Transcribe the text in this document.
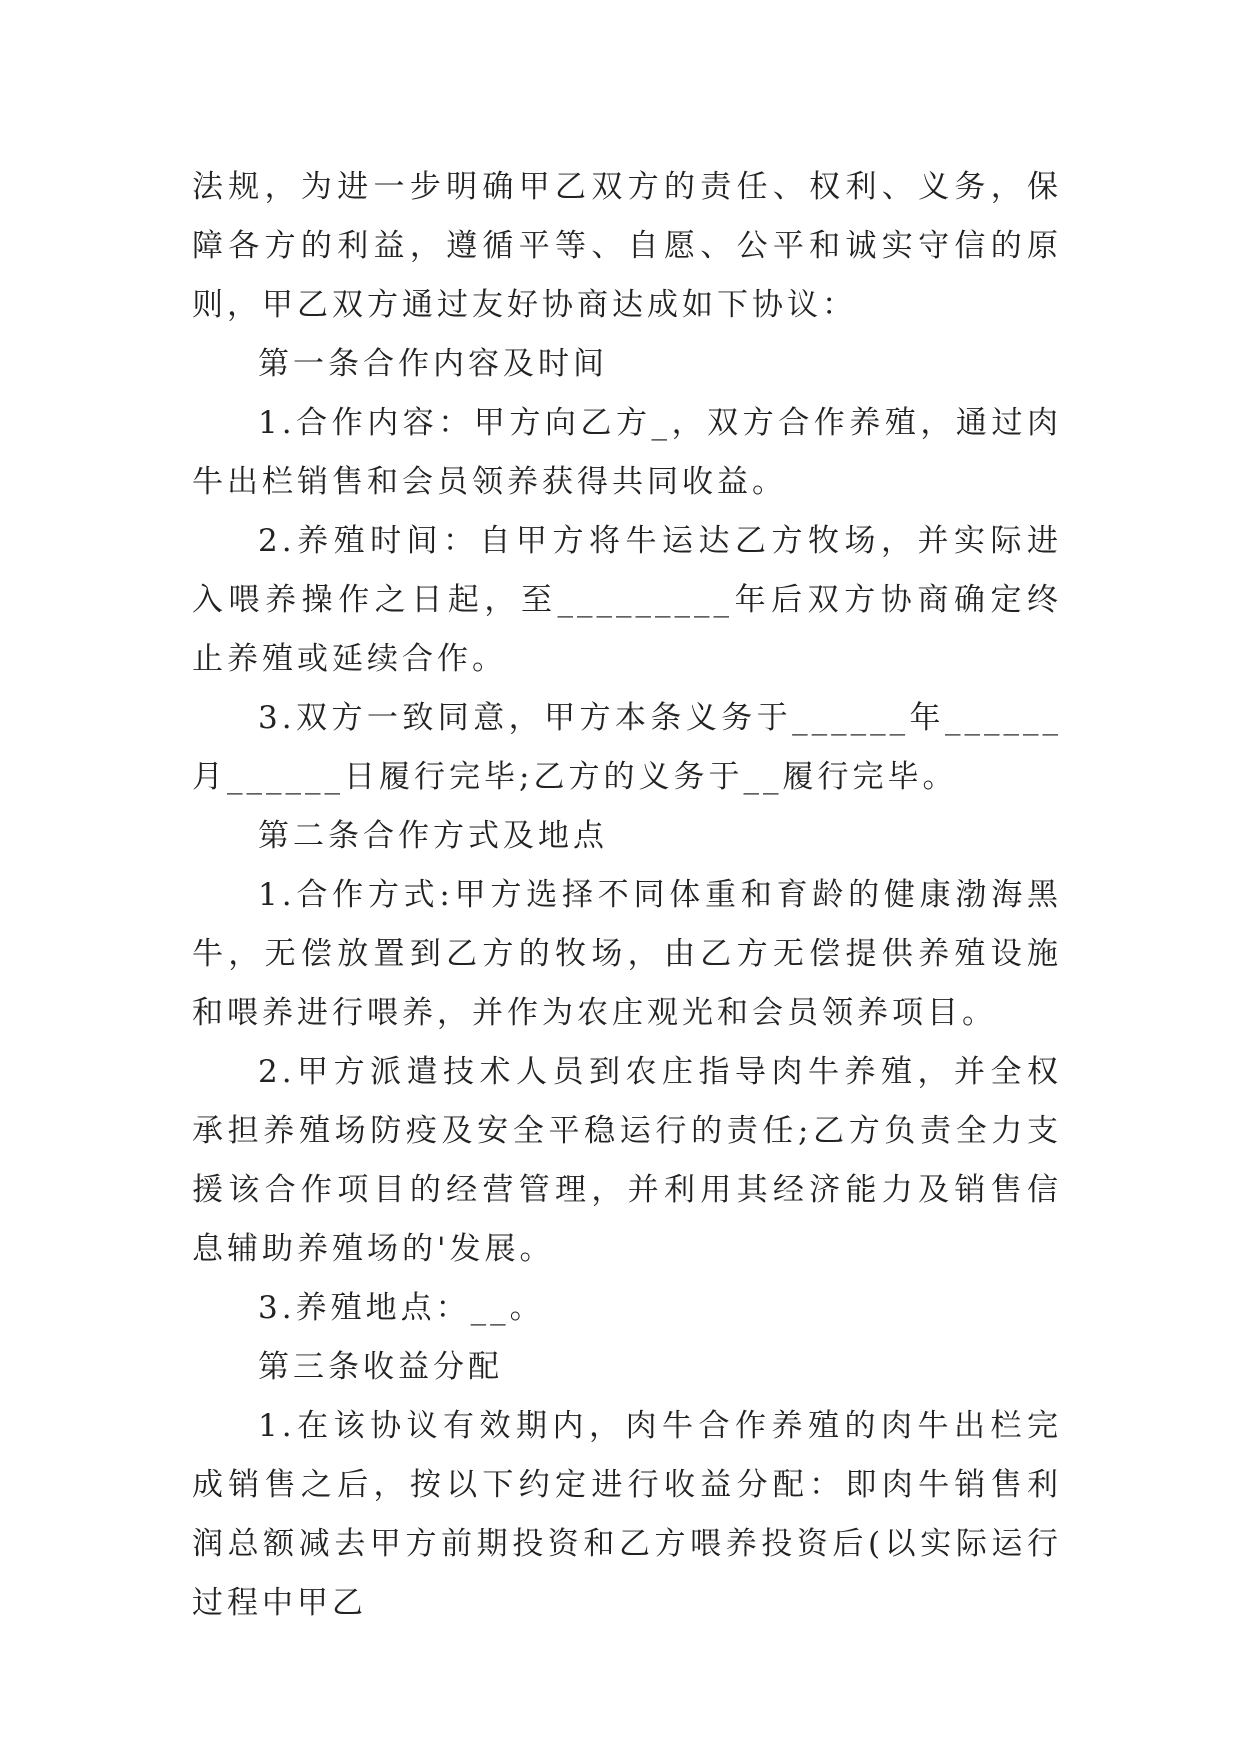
法规，为进一步明确甲乙双方的责任、权利、义务，保障各方的利益，遵循平等、自愿、公平和诚实守信的原则，甲乙双方通过友好协商达成如下协议：

第一条合作内容及时间

1.合作内容：甲方向乙方_，双方合作养殖，通过肉牛出栏销售和会员领养获得共同收益。

2.养殖时间：自甲方将牛运达乙方牧场，并实际进入喂养操作之日起，至_________年后双方协商确定终止养殖或延续合作。

3.双方一致同意，甲方本条义务于______年______月______日履行完毕;乙方的义务于__履行完毕。

第二条合作方式及地点

1.合作方式:甲方选择不同体重和育龄的健康渤海黑牛，无偿放置到乙方的牧场，由乙方无偿提供养殖设施和喂养进行喂养，并作为农庄观光和会员领养项目。

2.甲方派遣技术人员到农庄指导肉牛养殖，并全权承担养殖场防疫及安全平稳运行的责任;乙方负责全力支援该合作项目的经营管理，并利用其经济能力及销售信息辅助养殖场的'发展。

3.养殖地点：__。

第三条收益分配

1.在该协议有效期内，肉牛合作养殖的肉牛出栏完成销售之后，按以下约定进行收益分配：即肉牛销售利润总额减去甲方前期投资和乙方喂养投资后(以实际运行过程中甲乙
